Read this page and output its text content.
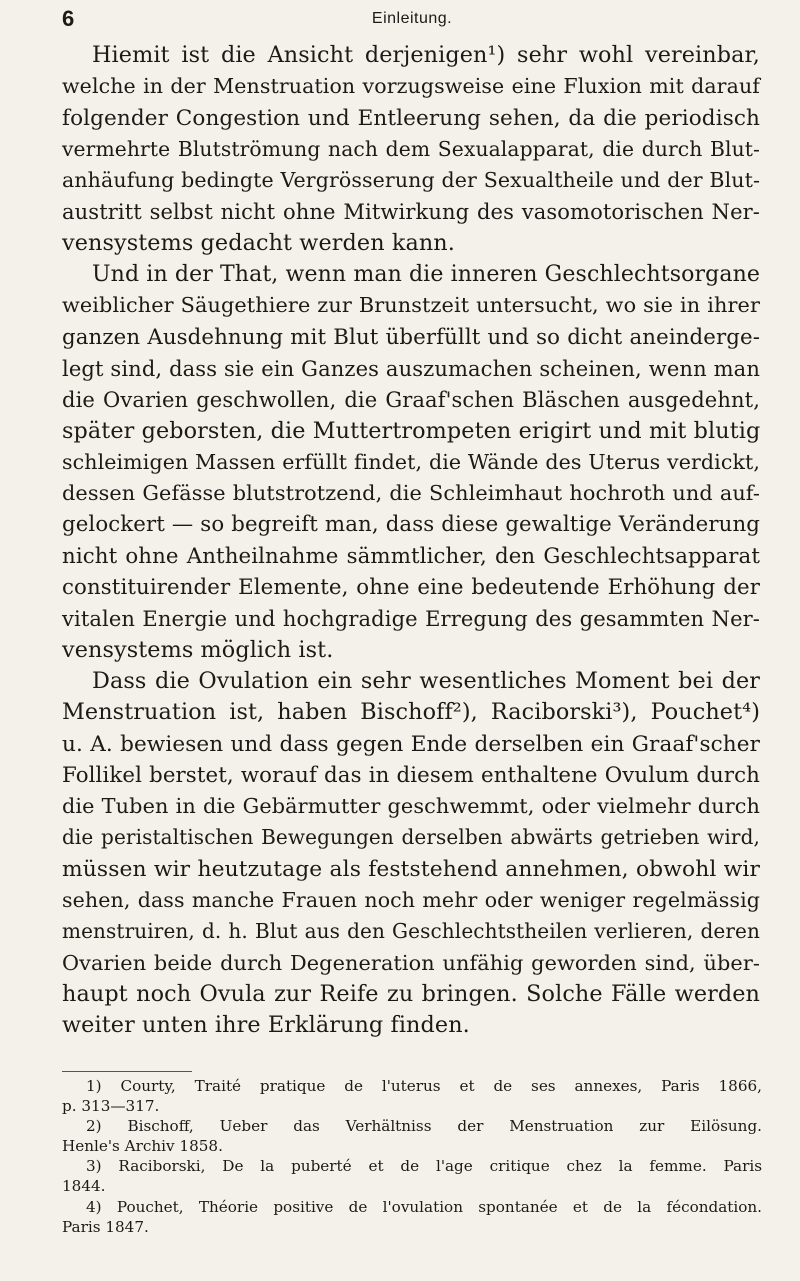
6	Einleitung.

Hiemit ist die Ansicht derjenigen¹) sehr wohl vereinbar,
welche in der Menstruation vorzugsweise eine Fluxion mit darauf
folgender Congestion und Entleerung sehen, da die periodisch
vermehrte Blutströmung nach dem Sexualapparat, die durch Blut-
anhäufung bedingte Vergrösserung der Sexualtheile und der Blut-
austritt selbst nicht ohne Mitwirkung des vasomotorischen Ner-
vensystems gedacht werden kann.

Und in der That, wenn man die inneren Geschlechtsorgane
weiblicher Säugethiere zur Brunstzeit untersucht, wo sie in ihrer
ganzen Ausdehnung mit Blut überfüllt und so dicht aneinderge-
legt sind, dass sie ein Ganzes auszumachen scheinen, wenn man
die Ovarien geschwollen, die Graaf'schen Bläschen ausgedehnt,
später geborsten, die Muttertrompeten erigirt und mit blutig
schleimigen Massen erfüllt findet, die Wände des Uterus verdickt,
dessen Gefässe blutstrotzend, die Schleimhaut hochroth und auf-
gelockert — so begreift man, dass diese gewaltige Veränderung
nicht ohne Antheilnahme sämmtlicher, den Geschlechtsapparat
constituirender Elemente, ohne eine bedeutende Erhöhung der
vitalen Energie und hochgradige Erregung des gesammten Ner-
vensystems möglich ist.

Dass die Ovulation ein sehr wesentliches Moment bei der
Menstruation ist, haben Bischoff²), Raciborski³), Pouchet⁴)
u. A. bewiesen und dass gegen Ende derselben ein Graaf'scher
Follikel berstet, worauf das in diesem enthaltene Ovulum durch
die Tuben in die Gebärmutter geschwemmt, oder vielmehr durch
die peristaltischen Bewegungen derselben abwärts getrieben wird,
müssen wir heutzutage als feststehend annehmen, obwohl wir
sehen, dass manche Frauen noch mehr oder weniger regelmässig
menstruiren, d. h. Blut aus den Geschlechtstheilen verlieren, deren
Ovarien beide durch Degeneration unfähig geworden sind, über-
haupt noch Ovula zur Reife zu bringen. Solche Fälle werden
weiter unten ihre Erklärung finden.

1) Courty, Traité pratique de l'uterus et de ses annexes, Paris 1866,
p. 313—317.
2) Bischoff, Ueber das Verhältniss der Menstruation zur Eilösung.
Henle's Archiv 1858.
3) Raciborski, De la puberté et de l'age critique chez la femme. Paris
1844.
4) Pouchet, Théorie positive de l'ovulation spontanée et de la fécondation.
Paris 1847.
